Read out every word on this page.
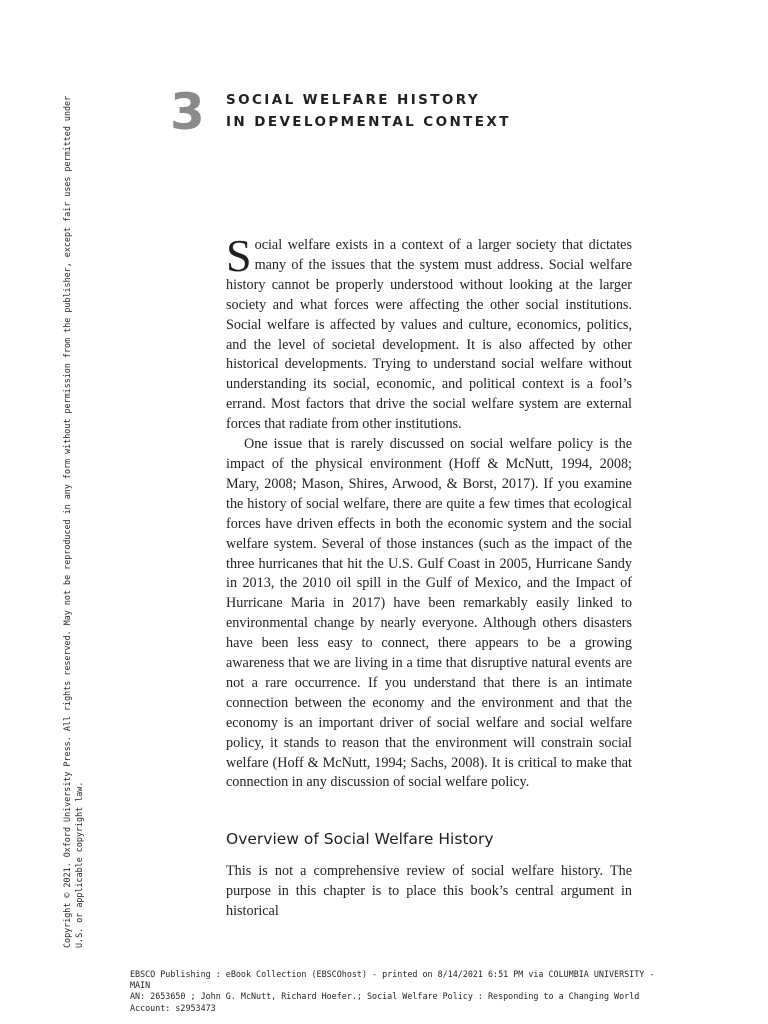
Copyright © 2021. Oxford University Press. All rights reserved. May not be reproduced in any form without permission from the publisher, except fair uses permitted under U.S. or applicable copyright law.
3 SOCIAL WELFARE HISTORY
IN DEVELOPMENTAL CONTEXT

Social welfare exists in a context of a larger society that dictates many of the issues that the system must address. Social welfare history cannot be properly understood without looking at the larger society and what forces were affecting the other social institutions. Social welfare is affected by values and culture, economics, politics, and the level of societal development. It is also affected by other historical developments. Trying to understand social welfare without understanding its social, economic, and political context is a fool’s errand. Most factors that drive the social welfare system are external forces that radiate from other institutions.

One issue that is rarely discussed on social welfare policy is the impact of the physical environment (Hoff & McNutt, 1994, 2008; Mary, 2008; Mason, Shires, Arwood, & Borst, 2017). If you examine the history of social welfare, there are quite a few times that ecological forces have driven effects in both the economic system and the social welfare system. Several of those instances (such as the impact of the three hurricanes that hit the U.S. Gulf Coast in 2005, Hurricane Sandy in 2013, the 2010 oil spill in the Gulf of Mexico, and the Impact of Hurricane Maria in 2017) have been remarkably easily linked to environmental change by nearly everyone. Although others disasters have been less easy to connect, there appears to be a growing awareness that we are living in a time that disruptive natural events are not a rare occurrence. If you understand that there is an intimate connection between the economy and the environment and that the economy is an important driver of social welfare and social welfare policy, it stands to reason that the environment will constrain social welfare (Hoff & McNutt, 1994; Sachs, 2008). It is critical to make that connection in any discussion of social welfare policy.

Overview of Social Welfare History

This is not a comprehensive review of social welfare history. The purpose in this chapter is to place this book’s central argument in historical

EBSCO Publishing : eBook Collection (EBSCOhost) - printed on 8/14/2021 6:51 PM via COLUMBIA UNIVERSITY -
MAIN
AN: 2653650 ; John G. McNutt, Richard Hoefer.; Social Welfare Policy : Responding to a Changing World
Account: s2953473
